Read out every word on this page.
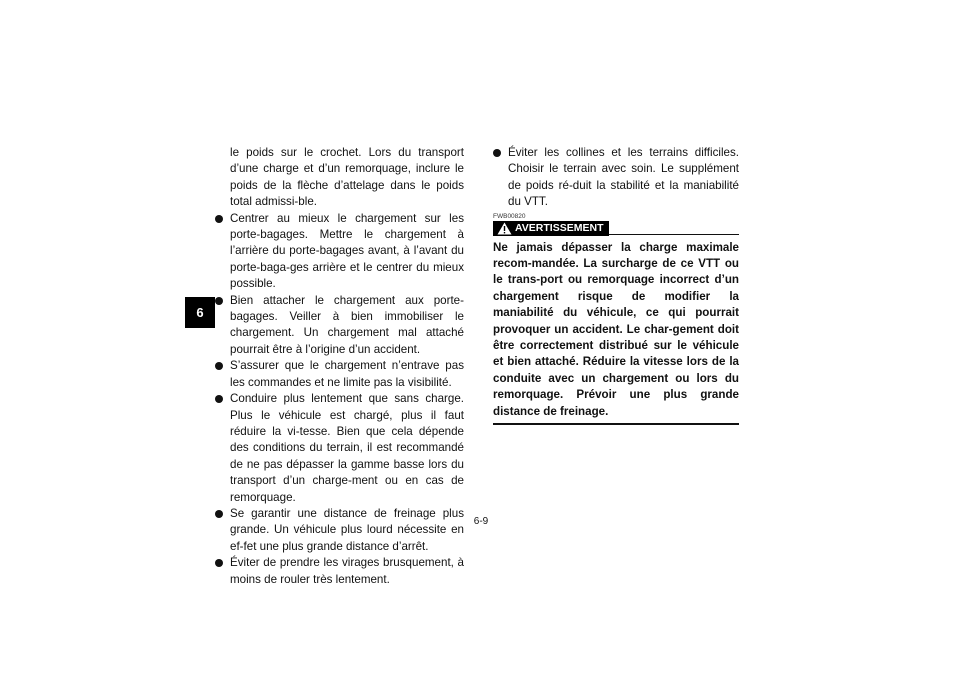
6

le poids sur le crochet. Lors du transport d’une charge et d’un remorquage, inclure le poids de la flèche d’attelage dans le poids total admissi-ble.

Centrer au mieux le chargement sur les porte-bagages. Mettre le chargement à l’arrière du porte-bagages avant, à l’avant du porte-baga-ges arrière et le centrer du mieux possible.
Bien attacher le chargement aux porte-bagages. Veiller à bien immobiliser le chargement. Un chargement mal attaché pourrait être à l’origine d’un accident.
S’assurer que le chargement n’entrave pas les commandes et ne limite pas la visibilité.
Conduire plus lentement que sans charge. Plus le véhicule est chargé, plus il faut réduire la vi-tesse. Bien que cela dépende des conditions du terrain, il est recommandé de ne pas dépasser la gamme basse lors du transport d’un charge-ment ou en cas de remorquage.
Se garantir une distance de freinage plus grande. Un véhicule plus lourd nécessite en ef-fet une plus grande distance d’arrêt.
Éviter de prendre les virages brusquement, à moins de rouler très lentement.
Éviter les collines et les terrains difficiles. Choisir le terrain avec soin. Le supplément de poids ré-duit la stabilité et la maniabilité du VTT.
FWB00820
AVERTISSEMENT

Ne jamais dépasser la charge maximale recom-mandée. La surcharge de ce VTT ou le trans-port ou remorquage incorrect d’un chargement risque de modifier la maniabilité du véhicule, ce qui pourrait provoquer un accident. Le char-gement doit être correctement distribué sur le véhicule et bien attaché. Réduire la vitesse lors de la conduite avec un chargement ou lors du remorquage. Prévoir une plus grande distance de freinage.

6-9
